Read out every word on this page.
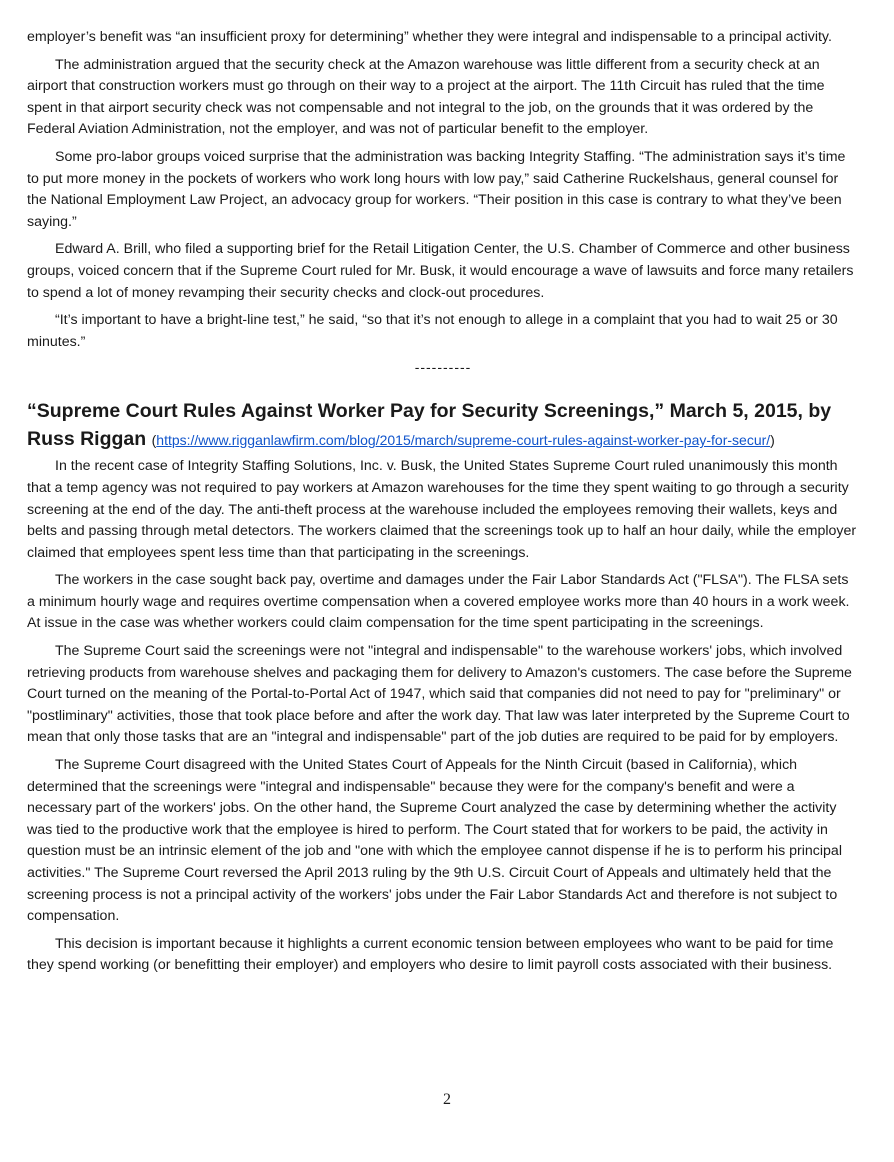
employer’s benefit was “an insufficient proxy for determining” whether they were integral and indispensable to a principal activity.

The administration argued that the security check at the Amazon warehouse was little different from a security check at an airport that construction workers must go through on their way to a project at the airport. The 11th Circuit has ruled that the time spent in that airport security check was not compensable and not integral to the job, on the grounds that it was ordered by the Federal Aviation Administration, not the employer, and was not of particular benefit to the employer.

Some pro-labor groups voiced surprise that the administration was backing Integrity Staffing. “The administration says it’s time to put more money in the pockets of workers who work long hours with low pay,” said Catherine Ruckelshaus, general counsel for the National Employment Law Project, an advocacy group for workers. “Their position in this case is contrary to what they’ve been saying.”

Edward A. Brill, who filed a supporting brief for the Retail Litigation Center, the U.S. Chamber of Commerce and other business groups, voiced concern that if the Supreme Court ruled for Mr. Busk, it would encourage a wave of lawsuits and force many retailers to spend a lot of money revamping their security checks and clock-out procedures.

“It’s important to have a bright-line test,” he said, “so that it’s not enough to allege in a complaint that you had to wait 25 or 30 minutes.”

----------
“Supreme Court Rules Against Worker Pay for Security Screenings,” March 5, 2015, by Russ Riggan (https://www.rigganlawfirm.com/blog/2015/march/supreme-court-rules-against-worker-pay-for-secur/)

In the recent case of Integrity Staffing Solutions, Inc. v. Busk, the United States Supreme Court ruled unanimously this month that a temp agency was not required to pay workers at Amazon warehouses for the time they spent waiting to go through a security screening at the end of the day. The anti-theft process at the warehouse included the employees removing their wallets, keys and belts and passing through metal detectors. The workers claimed that the screenings took up to half an hour daily, while the employer claimed that employees spent less time than that participating in the screenings.

The workers in the case sought back pay, overtime and damages under the Fair Labor Standards Act ("FLSA"). The FLSA sets a minimum hourly wage and requires overtime compensation when a covered employee works more than 40 hours in a work week. At issue in the case was whether workers could claim compensation for the time spent participating in the screenings.

The Supreme Court said the screenings were not "integral and indispensable" to the warehouse workers' jobs, which involved retrieving products from warehouse shelves and packaging them for delivery to Amazon's customers. The case before the Supreme Court turned on the meaning of the Portal-to-Portal Act of 1947, which said that companies did not need to pay for "preliminary" or "postliminary" activities, those that took place before and after the work day. That law was later interpreted by the Supreme Court to mean that only those tasks that are an "integral and indispensable" part of the job duties are required to be paid for by employers.

The Supreme Court disagreed with the United States Court of Appeals for the Ninth Circuit (based in California), which determined that the screenings were "integral and indispensable" because they were for the company's benefit and were a necessary part of the workers' jobs. On the other hand, the Supreme Court analyzed the case by determining whether the activity was tied to the productive work that the employee is hired to perform. The Court stated that for workers to be paid, the activity in question must be an intrinsic element of the job and "one with which the employee cannot dispense if he is to perform his principal activities." The Supreme Court reversed the April 2013 ruling by the 9th U.S. Circuit Court of Appeals and ultimately held that the screening process is not a principal activity of the workers' jobs under the Fair Labor Standards Act and therefore is not subject to compensation.

This decision is important because it highlights a current economic tension between employees who want to be paid for time they spend working (or benefitting their employer) and employers who desire to limit payroll costs associated with their business.

2
